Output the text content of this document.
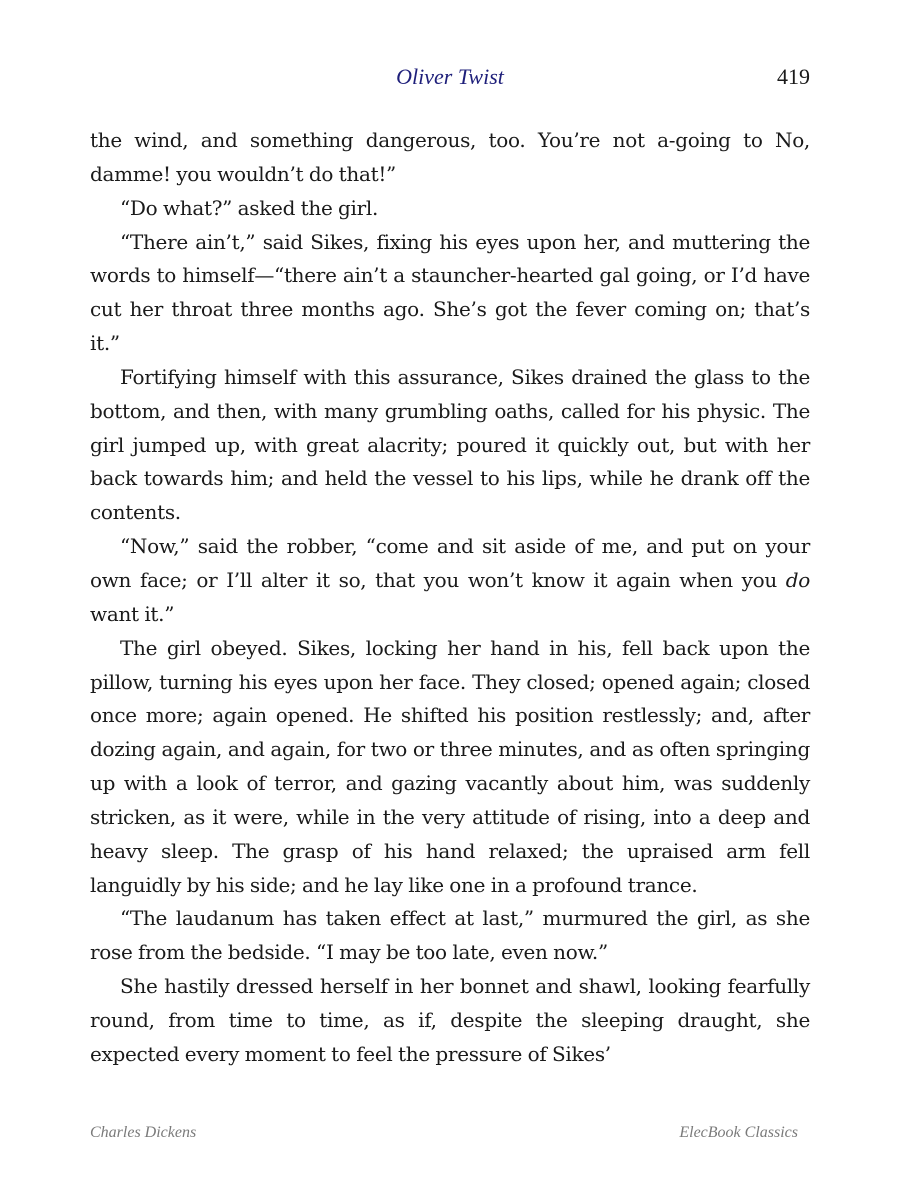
Oliver Twist	419

the wind, and something dangerous, too. You’re not a-going to No, damme! you wouldn’t do that!”

“Do what?” asked the girl.

“There ain’t,” said Sikes, fixing his eyes upon her, and muttering the words to himself—“there ain’t a stauncher-hearted gal going, or I’d have cut her throat three months ago. She’s got the fever coming on; that’s it.”

Fortifying himself with this assurance, Sikes drained the glass to the bottom, and then, with many grumbling oaths, called for his physic. The girl jumped up, with great alacrity; poured it quickly out, but with her back towards him; and held the vessel to his lips, while he drank off the contents.

“Now,” said the robber, “come and sit aside of me, and put on your own face; or I’ll alter it so, that you won’t know it again when you do want it.”

The girl obeyed. Sikes, locking her hand in his, fell back upon the pillow, turning his eyes upon her face. They closed; opened again; closed once more; again opened. He shifted his position restlessly; and, after dozing again, and again, for two or three minutes, and as often springing up with a look of terror, and gazing vacantly about him, was suddenly stricken, as it were, while in the very attitude of rising, into a deep and heavy sleep. The grasp of his hand relaxed; the upraised arm fell languidly by his side; and he lay like one in a profound trance.

“The laudanum has taken effect at last,” murmured the girl, as she rose from the bedside. “I may be too late, even now.”

She hastily dressed herself in her bonnet and shawl, looking fearfully round, from time to time, as if, despite the sleeping draught, she expected every moment to feel the pressure of Sikes’

Charles Dickens	ElecBook Classics
